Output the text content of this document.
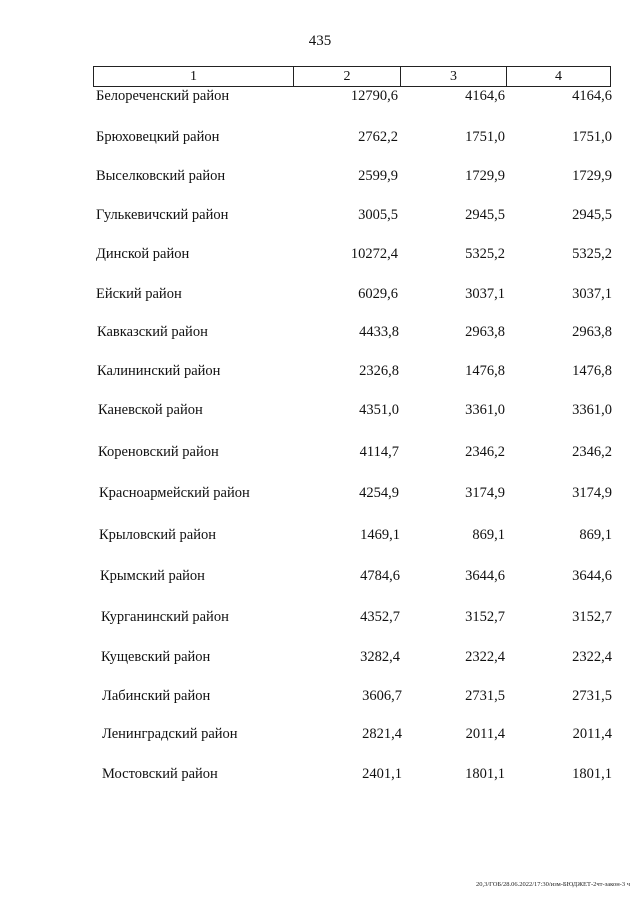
435
1	2	3	4
Белореченский район	12790,6	4164,6	4164,6
Брюховецкий район	2762,2	1751,0	1751,0
Выселковский район	2599,9	1729,9	1729,9
Гулькевичский район	3005,5	2945,5	2945,5
Динской район	10272,4	5325,2	5325,2
Ейский район	6029,6	3037,1	3037,1
Кавказский район	4433,8	2963,8	2963,8
Калининский район	2326,8	1476,8	1476,8
Каневской район	4351,0	3361,0	3361,0
Кореновский район	4114,7	2346,2	2346,2
Красноармейский район	4254,9	3174,9	3174,9
Крыловский район	1469,1	869,1	869,1
Крымский район	4784,6	3644,6	3644,6
Курганинский район	4352,7	3152,7	3152,7
Кущевский район	3282,4	2322,4	2322,4
Лабинский район	3606,7	2731,5	2731,5
Ленинградский район	2821,4	2011,4	2011,4
Мостовский район	2401,1	1801,1	1801,1
20,3/ГОБ/28.06.2022/17:30/изм-БЮДЖЕТ-2чт-закон-3 ч
